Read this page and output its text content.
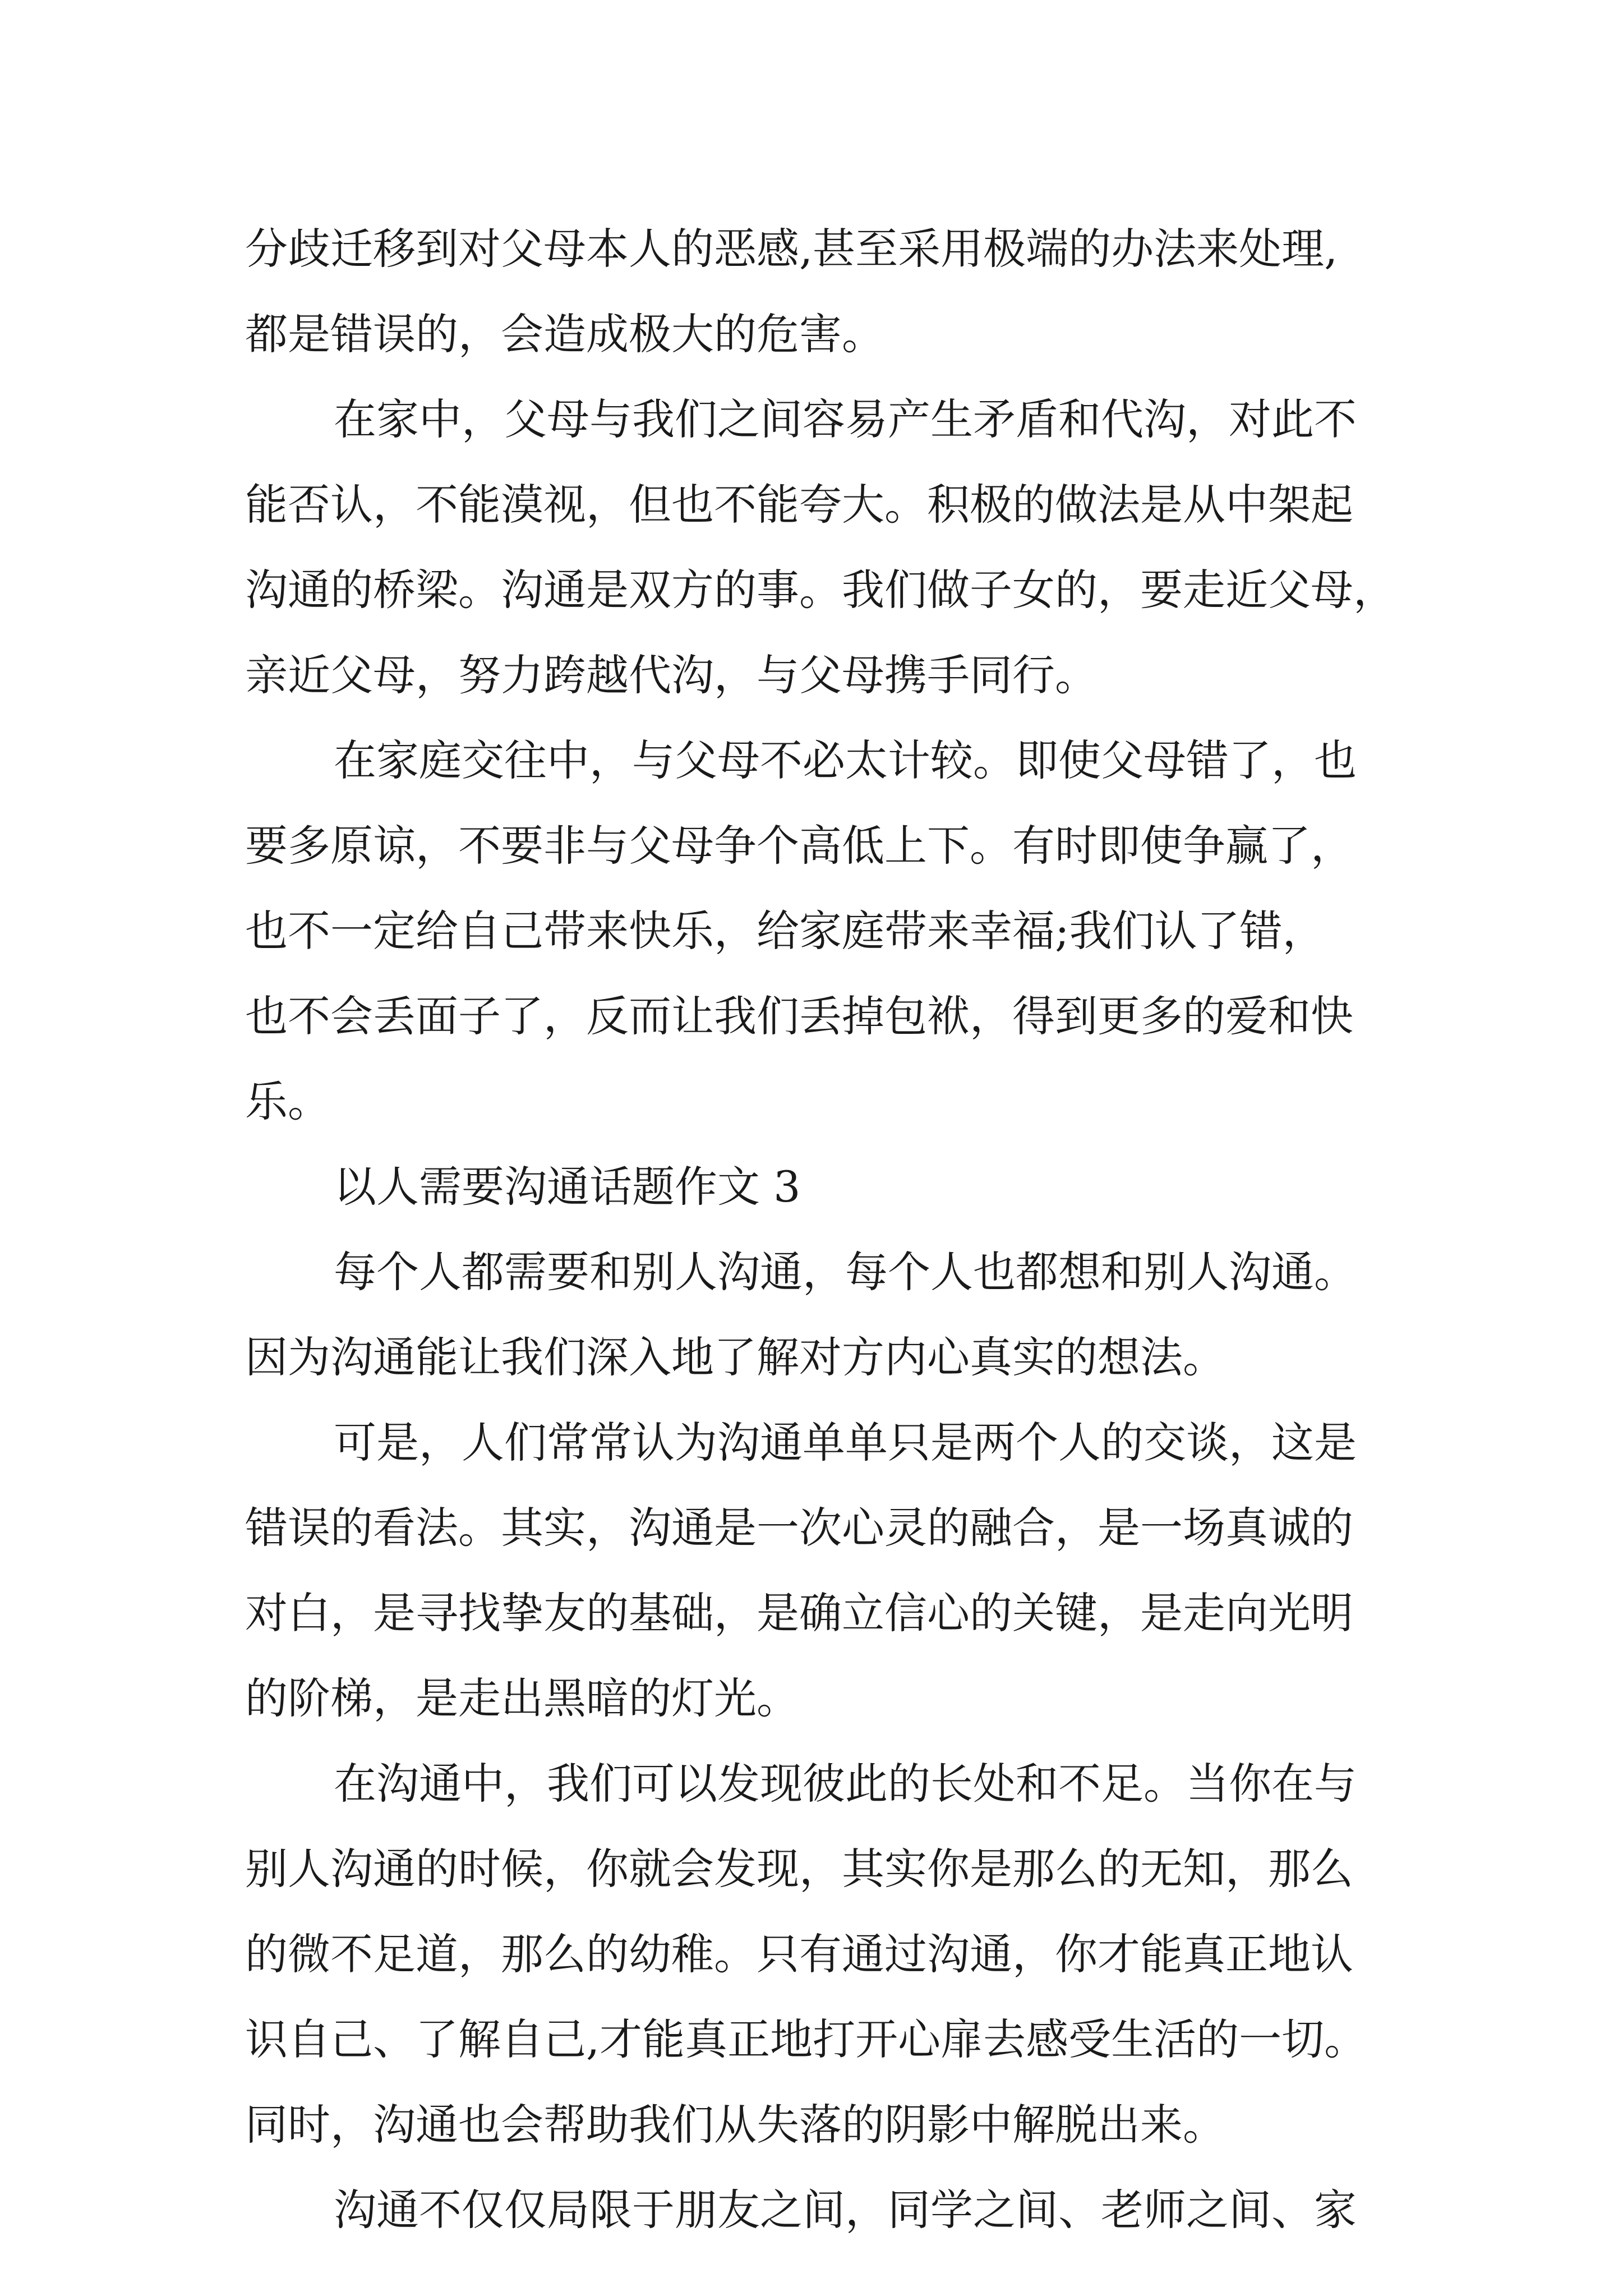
分歧迁移到对父母本人的恶感,甚至采用极端的办法来处理,
都是错误的，会造成极大的危害。
在家中，父母与我们之间容易产生矛盾和代沟，对此不
能否认，不能漠视，但也不能夸大。积极的做法是从中架起
沟通的桥梁。沟通是双方的事。我们做子女的，要走近父母，
亲近父母，努力跨越代沟，与父母携手同行。
在家庭交往中，与父母不必太计较。即使父母错了，也
要多原谅，不要非与父母争个高低上下。有时即使争赢了，
也不一定给自己带来快乐，给家庭带来幸福;我们认了错，
也不会丢面子了，反而让我们丢掉包袱，得到更多的爱和快
乐。
以人需要沟通话题作文 3
每个人都需要和别人沟通，每个人也都想和别人沟通。
因为沟通能让我们深入地了解对方内心真实的想法。
可是，人们常常认为沟通单单只是两个人的交谈，这是
错误的看法。其实，沟通是一次心灵的融合，是一场真诚的
对白，是寻找挚友的基础，是确立信心的关键，是走向光明
的阶梯，是走出黑暗的灯光。
在沟通中，我们可以发现彼此的长处和不足。当你在与
别人沟通的时候，你就会发现，其实你是那么的无知，那么
的微不足道，那么的幼稚。只有通过沟通，你才能真正地认
识自己、了解自己,才能真正地打开心扉去感受生活的一切。
同时，沟通也会帮助我们从失落的阴影中解脱出来。
沟通不仅仅局限于朋友之间，同学之间、老师之间、家
